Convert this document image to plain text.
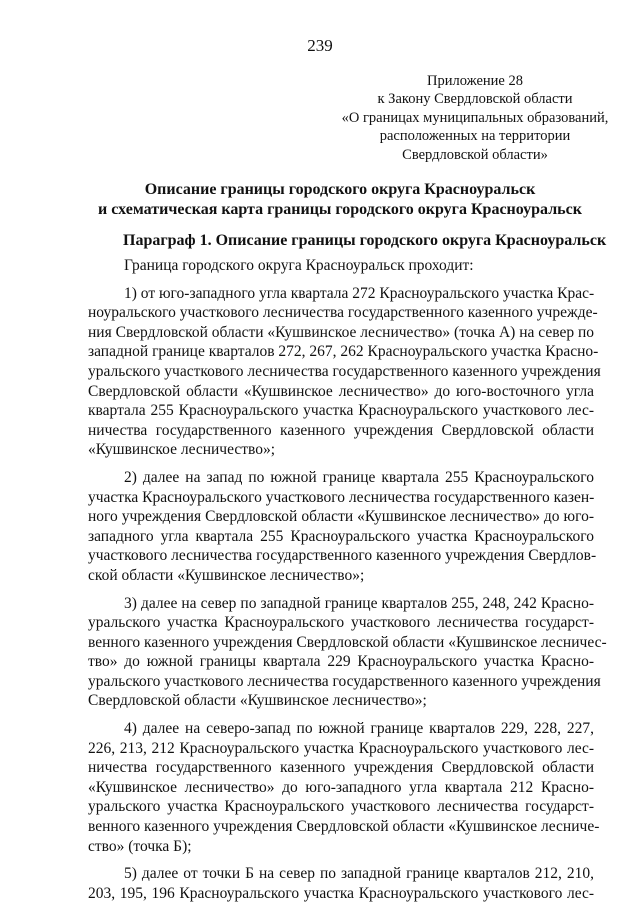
239
Приложение 28
к Закону Свердловской области
«О границах муниципальных образований,
расположенных на территории
Свердловской области»
Описание границы городского округа Красноуральск
и схематическая карта границы городского округа Красноуральск
Параграф 1. Описание границы городского округа Красноуральск
Граница городского округа Красноуральск проходит:
1) от юго-западного угла квартала 272 Красноуральского участка Крас-
ноуральского участкового лесничества государственного казенного учрежде-
ния Свердловской области «Кушвинское лесничество» (точка А) на север по
западной границе кварталов 272, 267, 262 Красноуральского участка Красно-
уральского участкового лесничества государственного казенного учреждения
Свердловской области «Кушвинское лесничество» до юго-восточного угла
квартала 255 Красноуральского участка Красноуральского участкового лес-
ничества государственного казенного учреждения Свердловской области
«Кушвинское лесничество»;
2) далее на запад по южной границе квартала 255 Красноуральского
участка Красноуральского участкового лесничества государственного казен-
ного учреждения Свердловской области «Кушвинское лесничество» до юго-
западного угла квартала 255 Красноуральского участка Красноуральского
участкового лесничества государственного казенного учреждения Свердлов-
ской области «Кушвинское лесничество»;
3) далее на север по западной границе кварталов 255, 248, 242 Красно-
уральского участка Красноуральского участкового лесничества государст-
венного казенного учреждения Свердловской области «Кушвинское лесничес-
тво» до южной границы квартала 229 Красноуральского участка Красно-
уральского участкового лесничества государственного казенного учреждения
Свердловской области «Кушвинское лесничество»;
4) далее на северо-запад по южной границе кварталов 229, 228, 227,
226, 213, 212 Красноуральского участка Красноуральского участкового лес-
ничества государственного казенного учреждения Свердловской области
«Кушвинское лесничество» до юго-западного угла квартала 212 Красно-
уральского участка Красноуральского участкового лесничества государст-
венного казенного учреждения Свердловской области «Кушвинское лесниче-
ство» (точка Б);
5) далее от точки Б на север по западной границе кварталов 212, 210,
203, 195, 196 Красноуральского участка Красноуральского участкового лес-
